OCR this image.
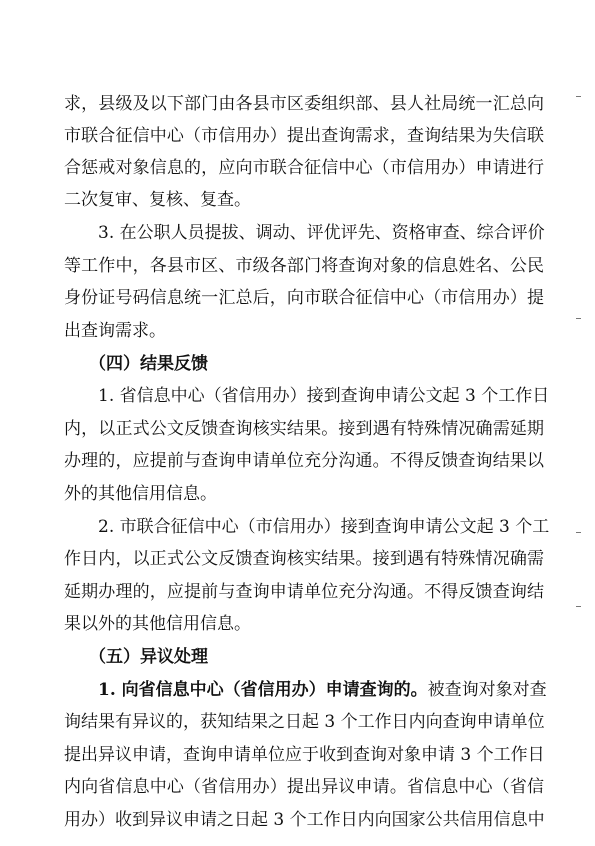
求，县级及以下部门由各县市区委组织部、县人社局统一汇总向

市联合征信中心（市信用办）提出查询需求，查询结果为失信联

合惩戒对象信息的，应向市联合征信中心（市信用办）申请进行

二次复审、复核、复查。

3. 在公职人员提拔、调动、评优评先、资格审查、综合评价

等工作中，各县市区、市级各部门将查询对象的信息姓名、公民

身份证号码信息统一汇总后，向市联合征信中心（市信用办）提

出查询需求。

（四）结果反馈

1. 省信息中心（省信用办）接到查询申请公文起 3 个工作日

内，以正式公文反馈查询核实结果。接到遇有特殊情况确需延期

办理的，应提前与查询申请单位充分沟通。不得反馈查询结果以

外的其他信用信息。

2. 市联合征信中心（市信用办）接到查询申请公文起 3 个工

作日内，以正式公文反馈查询核实结果。接到遇有特殊情况确需

延期办理的，应提前与查询申请单位充分沟通。不得反馈查询结

果以外的其他信用信息。

（五）异议处理

1. 向省信息中心（省信用办）申请查询的。被查询对象对查

询结果有异议的，获知结果之日起 3 个工作日内向查询申请单位

提出异议申请，查询申请单位应于收到查询对象申请 3 个工作日

内向省信息中心（省信用办）提出异议申请。省信息中心（省信

用办）收到异议申请之日起 3 个工作日内向国家公共信用信息中
